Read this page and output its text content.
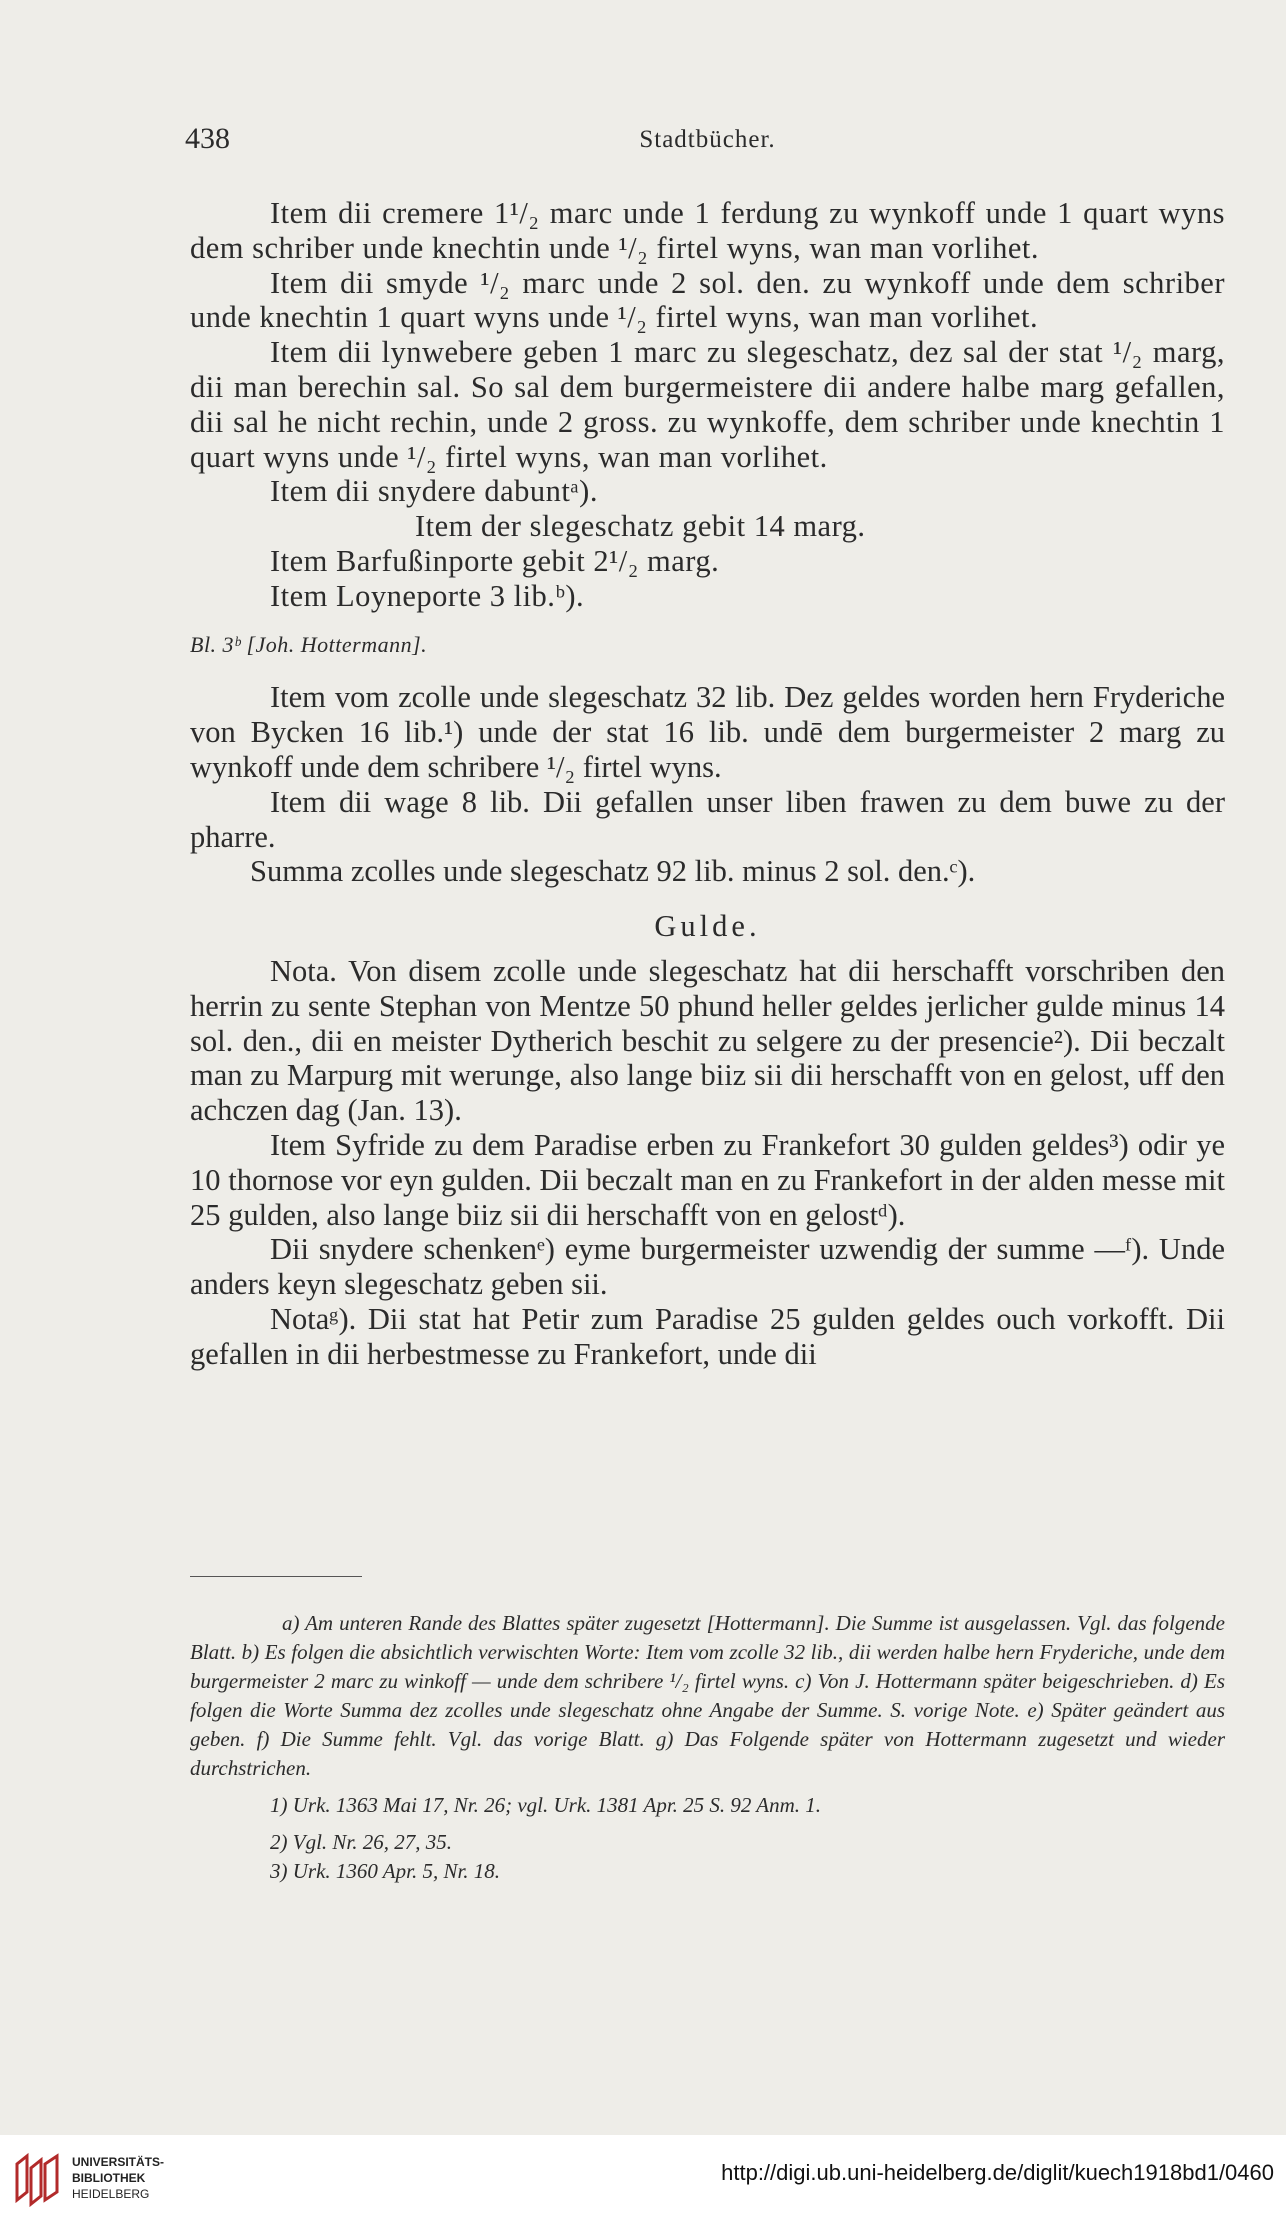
438	Stadtbücher.

Item dii cremere 1¹/₂ marc unde 1 ferdung zu wynkoff unde 1 quart wyns dem schriber unde knechtin unde ¹/₂ firtel wyns, wan man vorlihet.

Item dii smyde ¹/₂ marc unde 2 sol. den. zu wynkoff unde dem schriber unde knechtin 1 quart wyns unde ¹/₂ firtel wyns, wan man vorlihet.

Item dii lynwebere geben 1 marc zu slegeschatz, dez sal der stat ¹/₂ marg, dii man berechin sal. So sal dem burgermeistere dii andere halbe marg gefallen, dii sal he nicht rechin, unde 2 gross. zu wynkoffe, dem schriber unde knechtin 1 quart wyns unde ¹/₂ firtel wyns, wan man vorlihet.

Item dii snydere dabuntᵃ).

Item der slegeschatz gebit 14 marg.

Item Barfußinporte gebit 2¹/₂ marg.

Item Loyneporte 3 lib.ᵇ).

Bl. 3ᵇ [Joh. Hottermann].

Item vom zcolle unde slegeschatz 32 lib. Dez geldes worden hern Fryderiche von Bycken 16 lib.¹) unde der stat 16 lib. undē dem burgermeister 2 marg zu wynkoff unde dem schribere ¹/₂ firtel wyns.

Item dii wage 8 lib. Dii gefallen unser liben frawen zu dem buwe zu der pharre.

Summa zcolles unde slegeschatz 92 lib. minus 2 sol. den.ᶜ).

Gulde.

Nota. Von disem zcolle unde slegeschatz hat dii herschafft vorschriben den herrin zu sente Stephan von Mentze 50 phund heller geldes jerlicher gulde minus 14 sol. den., dii en meister Dytherich beschit zu selgere zu der presencie²). Dii beczalt man zu Marpurg mit werunge, also lange biiz sii dii herschafft von en gelost, uff den achczen dag (Jan. 13).

Item Syfride zu dem Paradise erben zu Frankefort 30 gulden geldes³) odir ye 10 thornose vor eyn gulden. Dii beczalt man en zu Frankefort in der alden messe mit 25 gulden, also lange biiz sii dii herschafft von en gelostᵈ).

Dii snydere schenkenᵉ) eyme burgermeister uzwendig der summe —ᶠ). Unde anders keyn slegeschatz geben sii.

Notaᵍ). Dii stat hat Petir zum Paradise 25 gulden geldes ouch vorkofft. Dii gefallen in dii herbestmesse zu Frankefort, unde dii

a) Am unteren Rande des Blattes später zugesetzt [Hottermann]. Die Summe ist ausgelassen. Vgl. das folgende Blatt. b) Es folgen die absichtlich verwischten Worte: Item vom zcolle 32 lib., dii werden halbe hern Fryderiche, unde dem burgermeister 2 marc zu winkoff — unde dem schribere ¹/₂ firtel wyns. c) Von J. Hottermann später beigeschrieben. d) Es folgen die Worte Summa dez zcolles unde slegeschatz ohne Angabe der Summe. S. vorige Note. e) Später geändert aus geben. f) Die Summe fehlt. Vgl. das vorige Blatt. g) Das Folgende später von Hottermann zugesetzt und wieder durchstrichen.

1) Urk. 1363 Mai 17, Nr. 26; vgl. Urk. 1381 Apr. 25 S. 92 Anm. 1.

2) Vgl. Nr. 26, 27, 35.

3) Urk. 1360 Apr. 5, Nr. 18.

UNIVERSITÄTS-
BIBLIOTHEK
HEIDELBERG
http://digi.ub.uni-heidelberg.de/diglit/kuech1918bd1/0460
